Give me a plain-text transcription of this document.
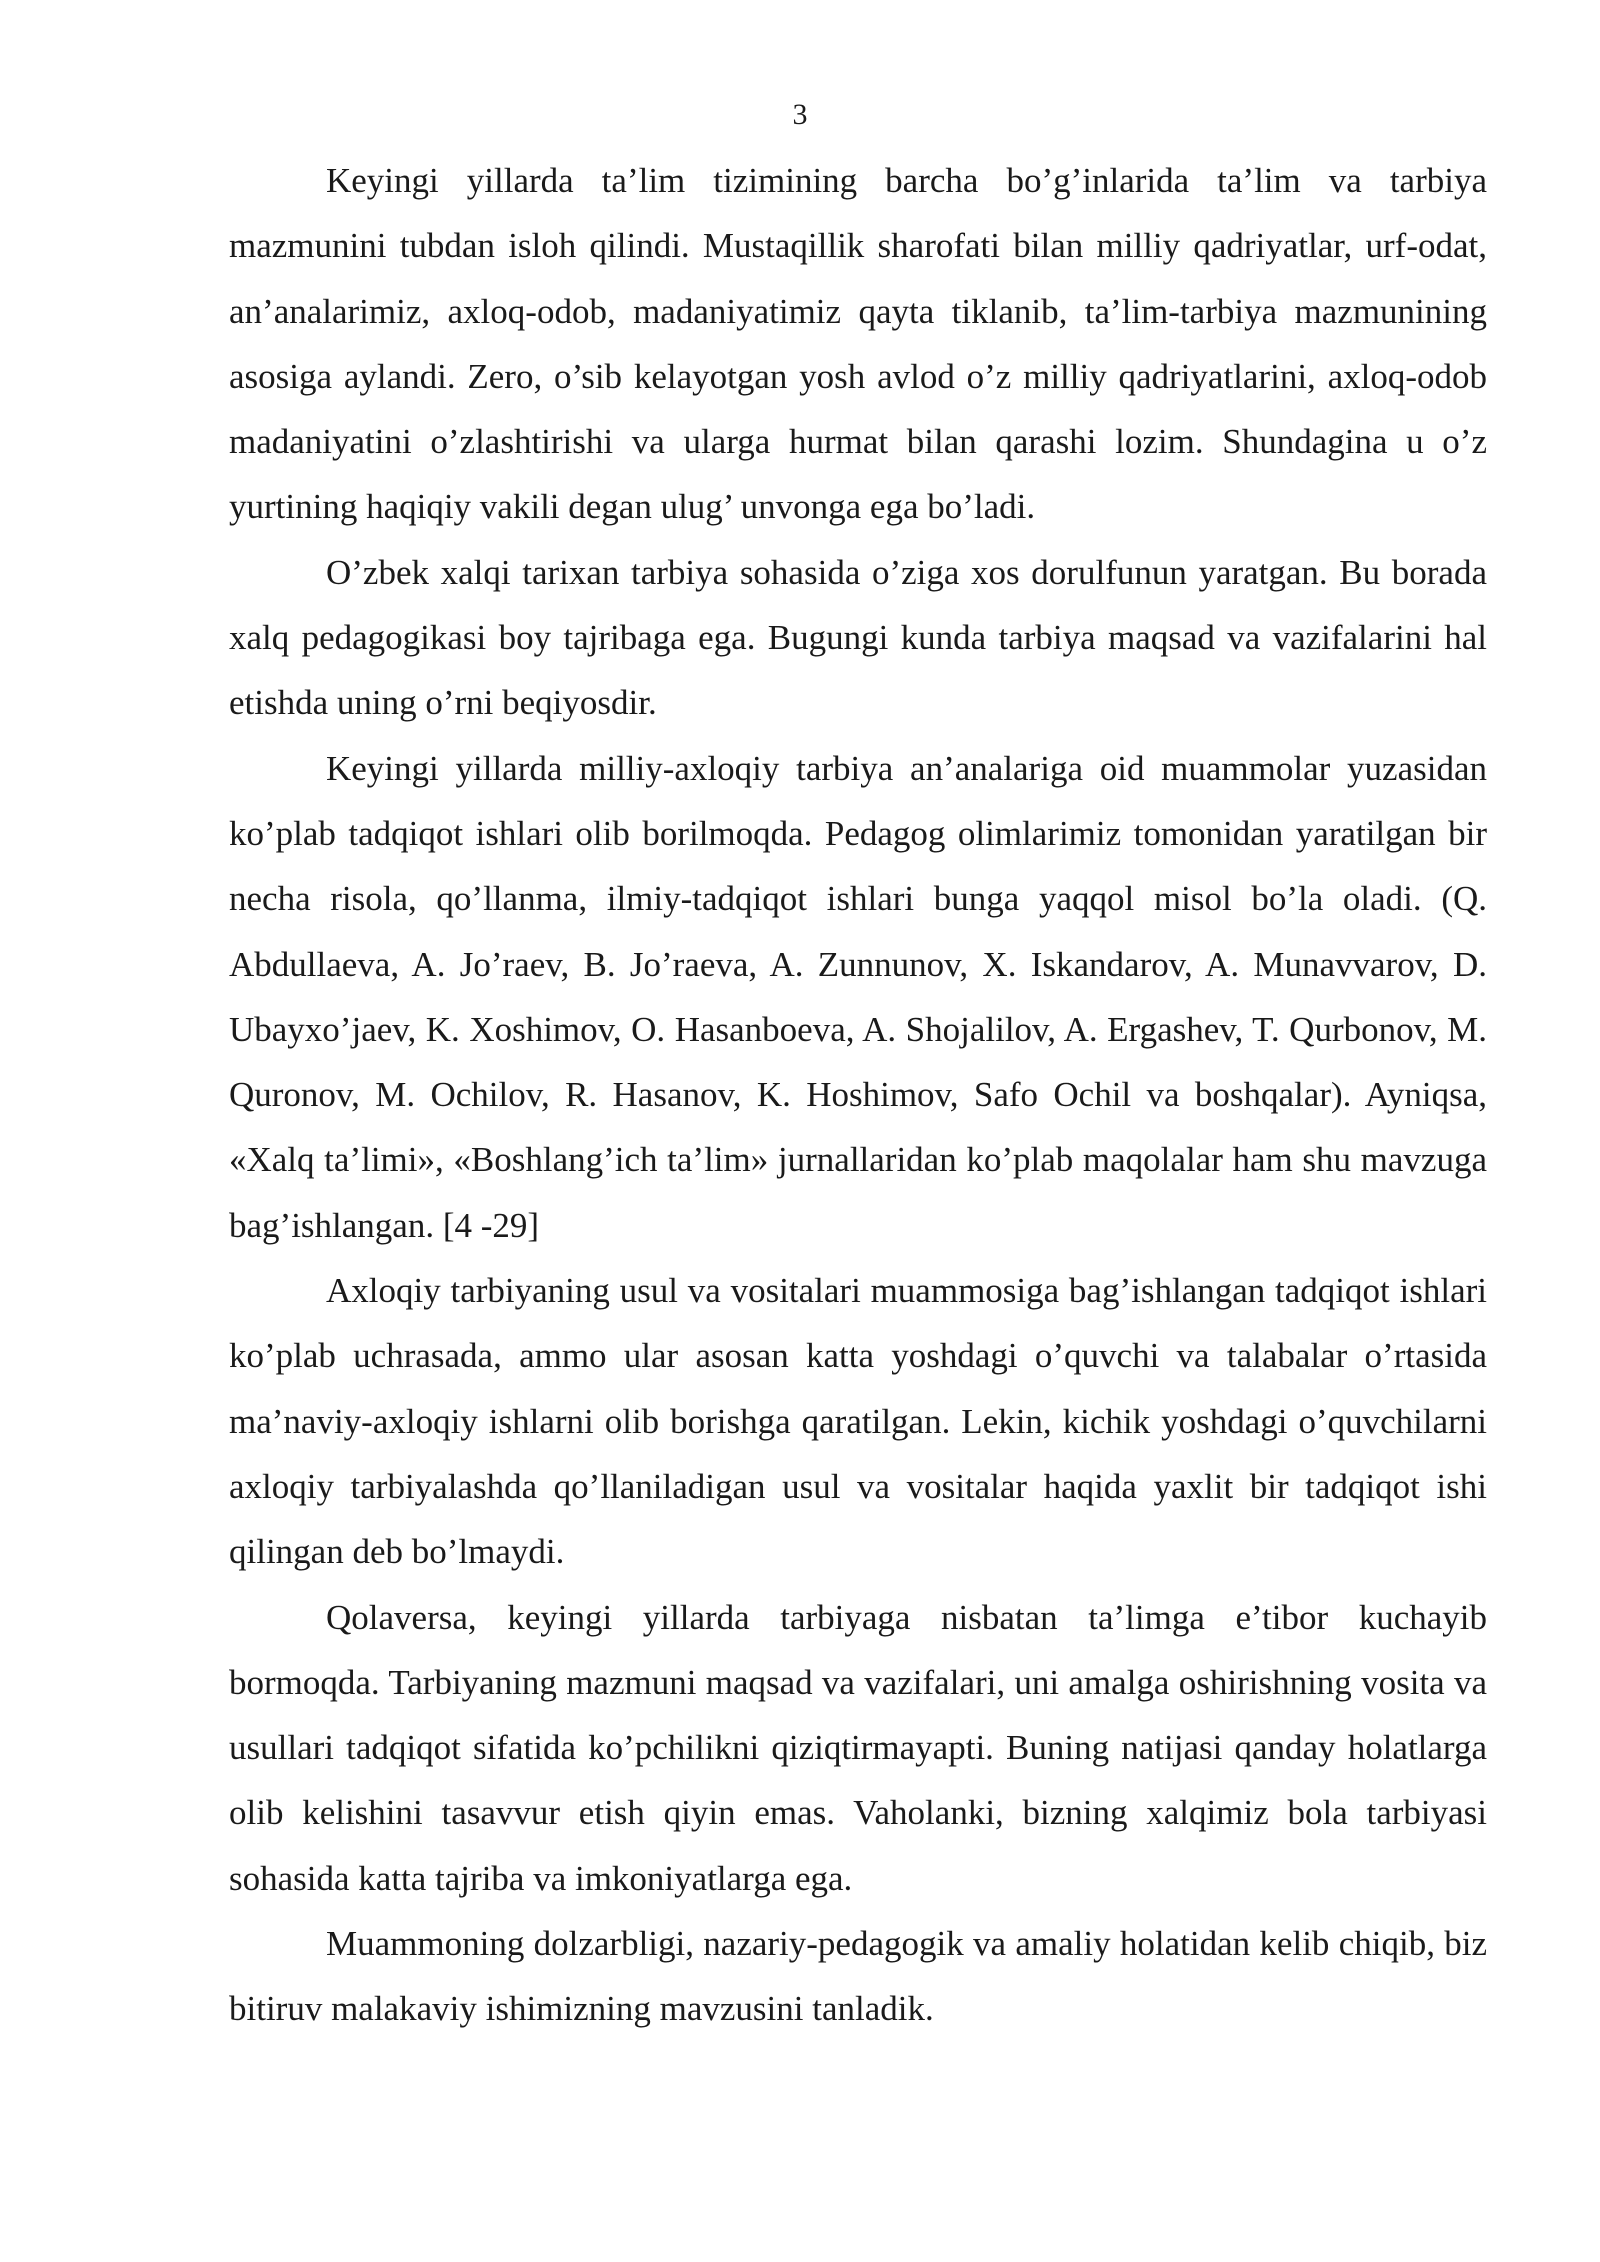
3

Keyingi yillarda ta’lim tizimining barcha bo’g’inlarida ta’lim va tarbiya mazmunini tubdan isloh qilindi. Mustaqillik sharofati bilan milliy qadriyatlar, urf-odat, an’analarimiz, axloq-odob, madaniyatimiz qayta tiklanib, ta’lim-tarbiya mazmunining asosiga aylandi. Zero, o’sib kelayotgan yosh avlod o’z milliy qadriyatlarini, axloq-odob madaniyatini o’zlashtirishi va ularga hurmat bilan qarashi lozim. Shundagina u o’z yurtining haqiqiy vakili degan ulug’ unvonga ega bo’ladi.

O’zbek xalqi tarixan tarbiya sohasida o’ziga xos dorulfunun yaratgan. Bu borada xalq pedagogikasi boy tajribaga ega. Bugungi kunda tarbiya maqsad va vazifalarini hal etishda uning o’rni beqiyosdir.

Keyingi yillarda milliy-axloqiy tarbiya an’analariga oid muammolar yuzasidan ko’plab tadqiqot ishlari olib borilmoqda. Pedagog olimlarimiz tomonidan yaratilgan bir necha risola, qo’llanma, ilmiy-tadqiqot ishlari bunga yaqqol misol bo’la oladi. (Q. Abdullaeva, A. Jo’raev, B. Jo’raeva, A. Zunnunov, X. Iskandarov, A. Munavvarov, D. Ubayxo’jaev, K. Xoshimov, O. Hasanboeva, A. Shojalilov, A. Ergashev, T. Qurbonov, M. Quronov, M. Ochilov, R. Hasanov, K. Hoshimov, Safo Ochil va boshqalar). Ayniqsa, «Xalq ta’limi», «Boshlang’ich ta’lim» jurnallaridan ko’plab maqolalar ham shu mavzuga bag’ishlangan. [4 -29]

Axloqiy tarbiyaning usul va vositalari muammosiga bag’ishlangan tadqiqot ishlari ko’plab uchrasada, ammo ular asosan katta yoshdagi o’quvchi va talabalar o’rtasida ma’naviy-axloqiy ishlarni olib borishga qaratilgan. Lekin, kichik yoshdagi o’quvchilarni axloqiy tarbiyalashda qo’llaniladigan usul va vositalar haqida yaxlit bir tadqiqot ishi qilingan deb bo’lmaydi.

Qolaversa, keyingi yillarda tarbiyaga nisbatan ta’limga e’tibor kuchayib bormoqda. Tarbiyaning mazmuni maqsad va vazifalari, uni amalga oshirishning vosita va usullari tadqiqot sifatida ko’pchilikni qiziqtirmayapti. Buning natijasi qanday holatlarga olib kelishini tasavvur etish qiyin emas. Vaholanki, bizning xalqimiz bola tarbiyasi sohasida katta tajriba va imkoniyatlarga ega.

Muammoning dolzarbligi, nazariy-pedagogik va amaliy holatidan kelib chiqib, biz bitiruv malakaviy ishimizning mavzusini tanladik.
